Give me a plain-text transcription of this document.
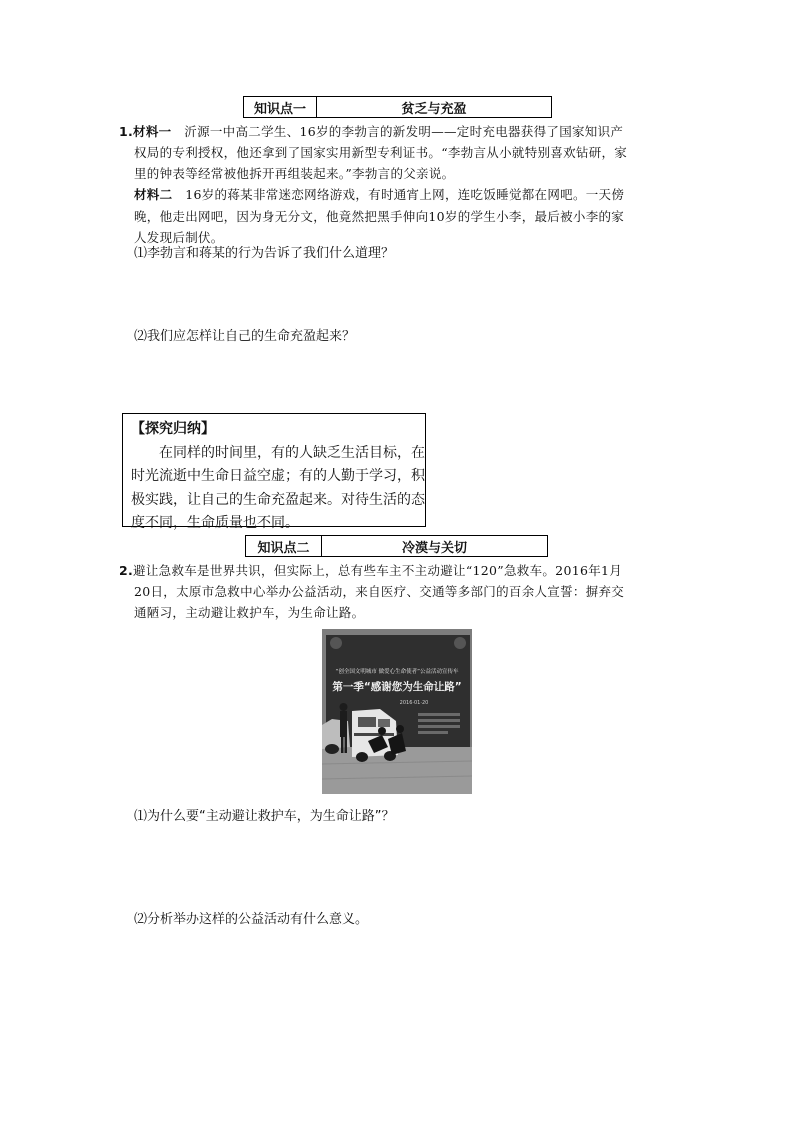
知识点一	贫乏与充盈
1.材料一 沂源一中高二学生、16岁的李勃言的新发明——定时充电器获得了国家知识产
权局的专利授权，他还拿到了国家实用新型专利证书。“李勃言从小就特别喜欢钻研，家
里的钟表等经常被他拆开再组装起来。”李勃言的父亲说。
材料二 16岁的蒋某非常迷恋网络游戏，有时通宵上网，连吃饭睡觉都在网吧。一天傍
晚，他走出网吧，因为身无分文，他竟然把黑手伸向10岁的学生小李，最后被小李的家
人发现后制伏。
⑴李勃言和蒋某的行为告诉了我们什么道理？
⑵我们应怎样让自己的生命充盈起来？
【探究归纳】
在同样的时间里，有的人缺乏生活目标，在
时光流逝中生命日益空虚；有的人勤于学习，积
极实践，让自己的生命充盈起来。对待生活的态
度不同，生命质量也不同。
知识点二	冷漠与关切
2.避让急救车是世界共识，但实际上，总有些车主不主动避让“120”急救车。2016年1月
20日，太原市急救中心举办公益活动，来自医疗、交通等多部门的百余人宣誓：摒弃交
通陋习，主动避让救护车，为生命让路。
“创全国文明城市 做爱心生命使者”公益活动宣传车
第一季“感谢您为生命让路”
2016·01·20
⑴为什么要“主动避让救护车，为生命让路”？
⑵分析举办这样的公益活动有什么意义。
